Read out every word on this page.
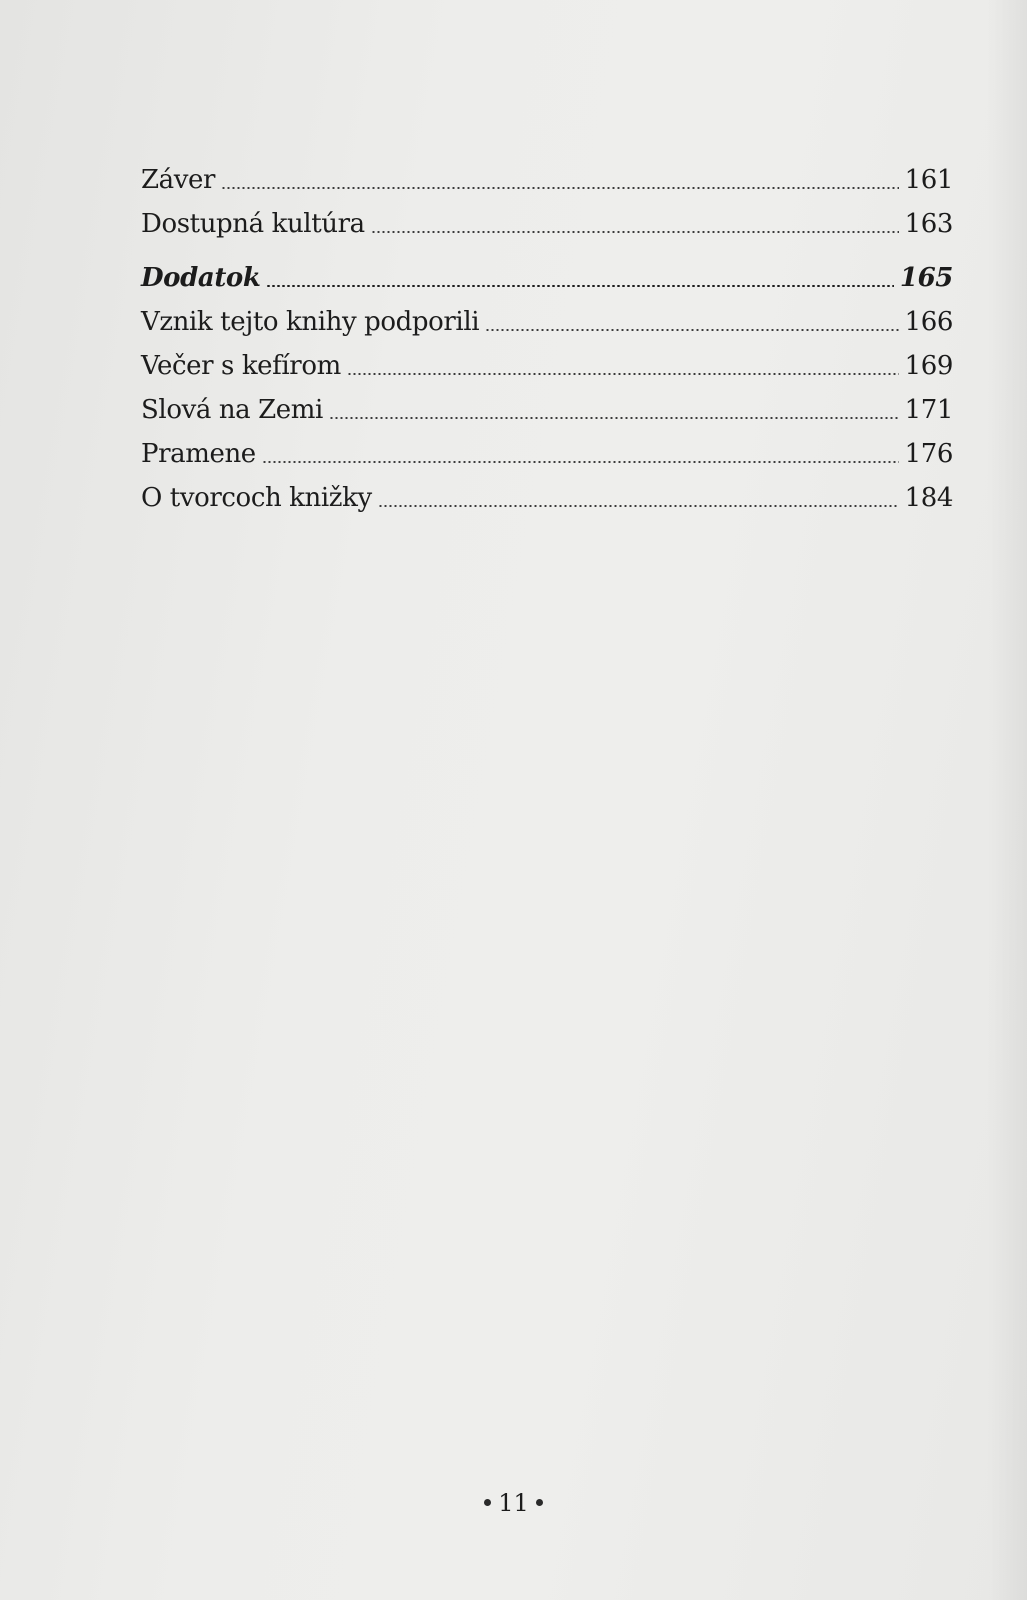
Záver	161
Dostupná kultúra	163
Dodatok	165
Vznik tejto knihy podporili	166
Večer s kefírom	169
Slová na Zemi	171
Pramene	176
O tvorcoch knižky	184
11
